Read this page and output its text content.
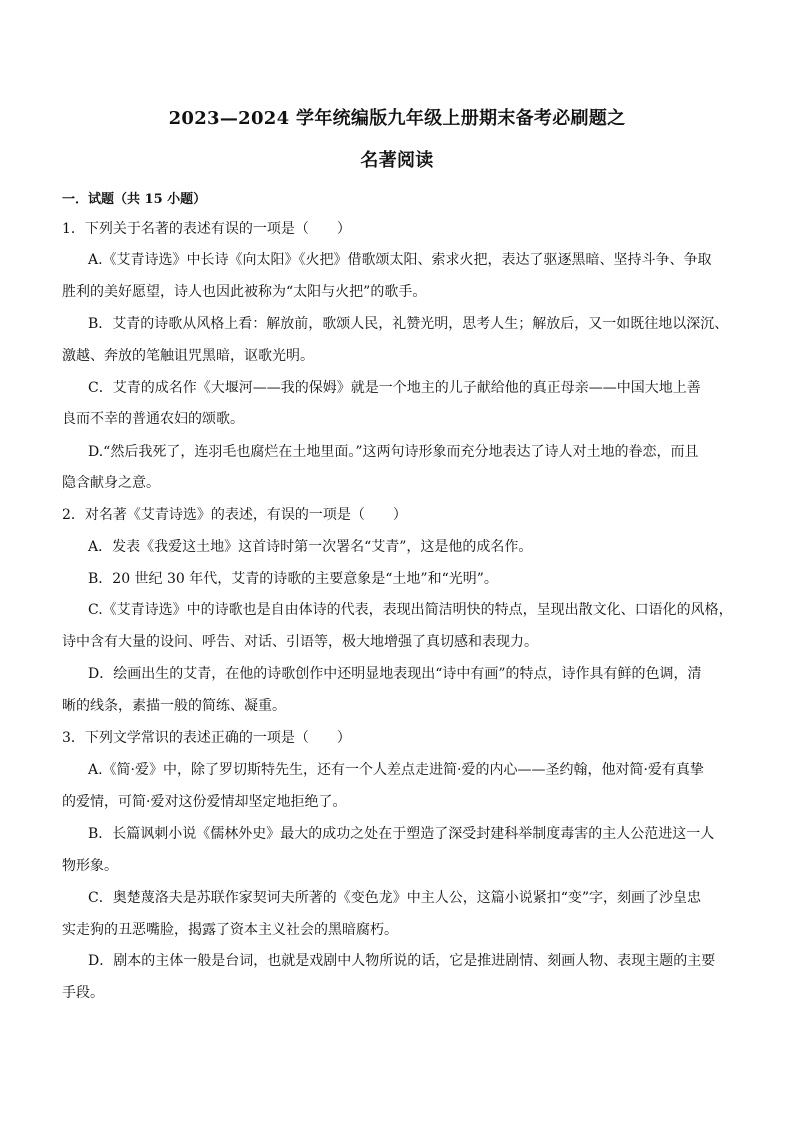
2023—2024 学年统编版九年级上册期末备考必刷题之
名著阅读
一．试题（共 15 小题）
1．下列关于名著的表述有误的一项是（　　）
A.《艾青诗选》中长诗《向太阳》《火把》借歌颂太阳、索求火把，表达了驱逐黑暗、坚持斗争、争取
胜利的美好愿望，诗人也因此被称为“太阳与火把”的歌手。
B．艾青的诗歌从风格上看：解放前，歌颂人民，礼赞光明，思考人生；解放后，又一如既往地以深沉、
激越、奔放的笔触诅咒黑暗，讴歌光明。
C．艾青的成名作《大堰河——我的保姆》就是一个地主的儿子献给他的真正母亲——中国大地上善
良而不幸的普通农妇的颂歌。
D.“然后我死了，连羽毛也腐烂在土地里面。”这两句诗形象而充分地表达了诗人对土地的眷恋，而且
隐含献身之意。
2．对名著《艾青诗选》的表述，有误的一项是（　　）
A．发表《我爱这土地》这首诗时第一次署名“艾青”，这是他的成名作。
B．20 世纪 30 年代，艾青的诗歌的主要意象是“土地”和“光明”。
C.《艾青诗选》中的诗歌也是自由体诗的代表，表现出简洁明快的特点，呈现出散文化、口语化的风格，
诗中含有大量的设问、呼告、对话、引语等，极大地增强了真切感和表现力。
D．绘画出生的艾青，在他的诗歌创作中还明显地表现出“诗中有画”的特点，诗作具有鲜的色调，清
晰的线条，素描一般的简练、凝重。
3．下列文学常识的表述正确的一项是（　　）
A.《简·爱》中，除了罗切斯特先生，还有一个人差点走进简·爱的内心——圣约翰，他对简·爱有真挚
的爱情，可简·爱对这份爱情却坚定地拒绝了。
B．长篇讽刺小说《儒林外史》最大的成功之处在于塑造了深受封建科举制度毒害的主人公范进这一人
物形象。
C．奥楚蔑洛夫是苏联作家契诃夫所著的《变色龙》中主人公，这篇小说紧扣“变”字，刻画了沙皇忠
实走狗的丑恶嘴脸，揭露了资本主义社会的黑暗腐朽。
D．剧本的主体一般是台词，也就是戏剧中人物所说的话，它是推进剧情、刻画人物、表现主题的主要
手段。
